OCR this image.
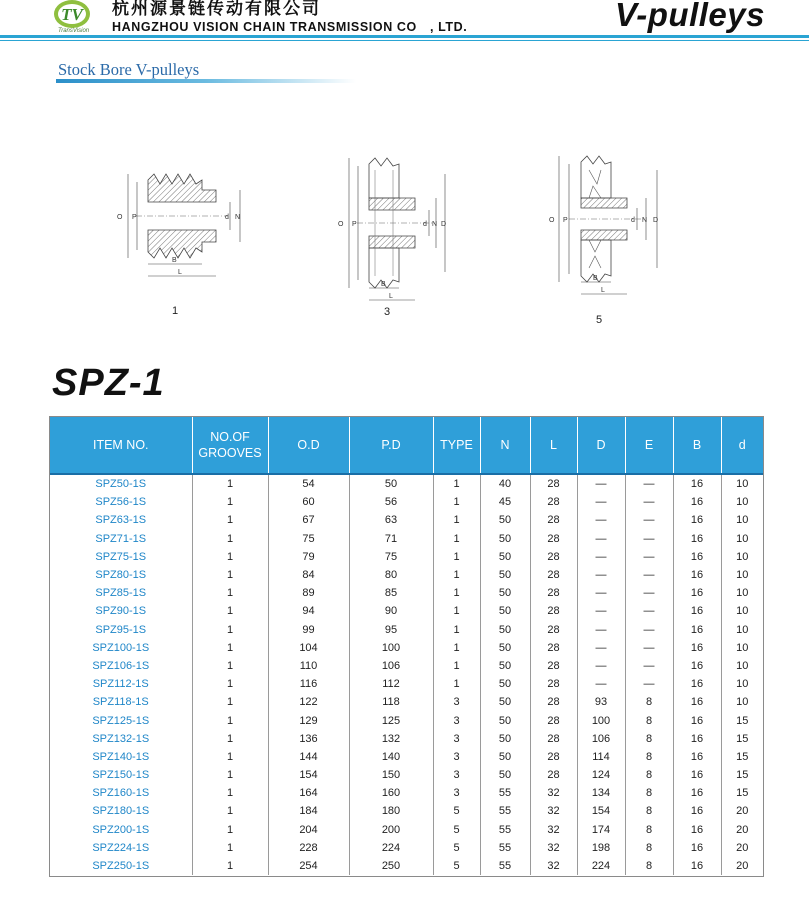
TV
TransVision
杭州源景链传动有限公司
HANGZHOU VISION CHAIN TRANSMISSION CO　, LTD.	V-pulleys
Stock Bore V-pulleys
O P	d N
B
L
1
O P	d N D
B
L
3
O P	d N D
B
L
5
SPZ-1
ITEM NO.	NO.OF
GROOVES	O.D	P.D	TYPE	N	L	D	E	B	d
SPZ50-1S	1	54	50	1	40	28	—	—	16	10
SPZ56-1S	1	60	56	1	45	28	—	—	16	10
SPZ63-1S	1	67	63	1	50	28	—	—	16	10
SPZ71-1S	1	75	71	1	50	28	—	—	16	10
SPZ75-1S	1	79	75	1	50	28	—	—	16	10
SPZ80-1S	1	84	80	1	50	28	—	—	16	10
SPZ85-1S	1	89	85	1	50	28	—	—	16	10
SPZ90-1S	1	94	90	1	50	28	—	—	16	10
SPZ95-1S	1	99	95	1	50	28	—	—	16	10
SPZ100-1S	1	104	100	1	50	28	—	—	16	10
SPZ106-1S	1	110	106	1	50	28	—	—	16	10
SPZ112-1S	1	116	112	1	50	28	—	—	16	10
SPZ118-1S	1	122	118	3	50	28	93	8	16	10
SPZ125-1S	1	129	125	3	50	28	100	8	16	15
SPZ132-1S	1	136	132	3	50	28	106	8	16	15
SPZ140-1S	1	144	140	3	50	28	114	8	16	15
SPZ150-1S	1	154	150	3	50	28	124	8	16	15
SPZ160-1S	1	164	160	3	55	32	134	8	16	15
SPZ180-1S	1	184	180	5	55	32	154	8	16	20
SPZ200-1S	1	204	200	5	55	32	174	8	16	20
SPZ224-1S	1	228	224	5	55	32	198	8	16	20
SPZ250-1S	1	254	250	5	55	32	224	8	16	20
